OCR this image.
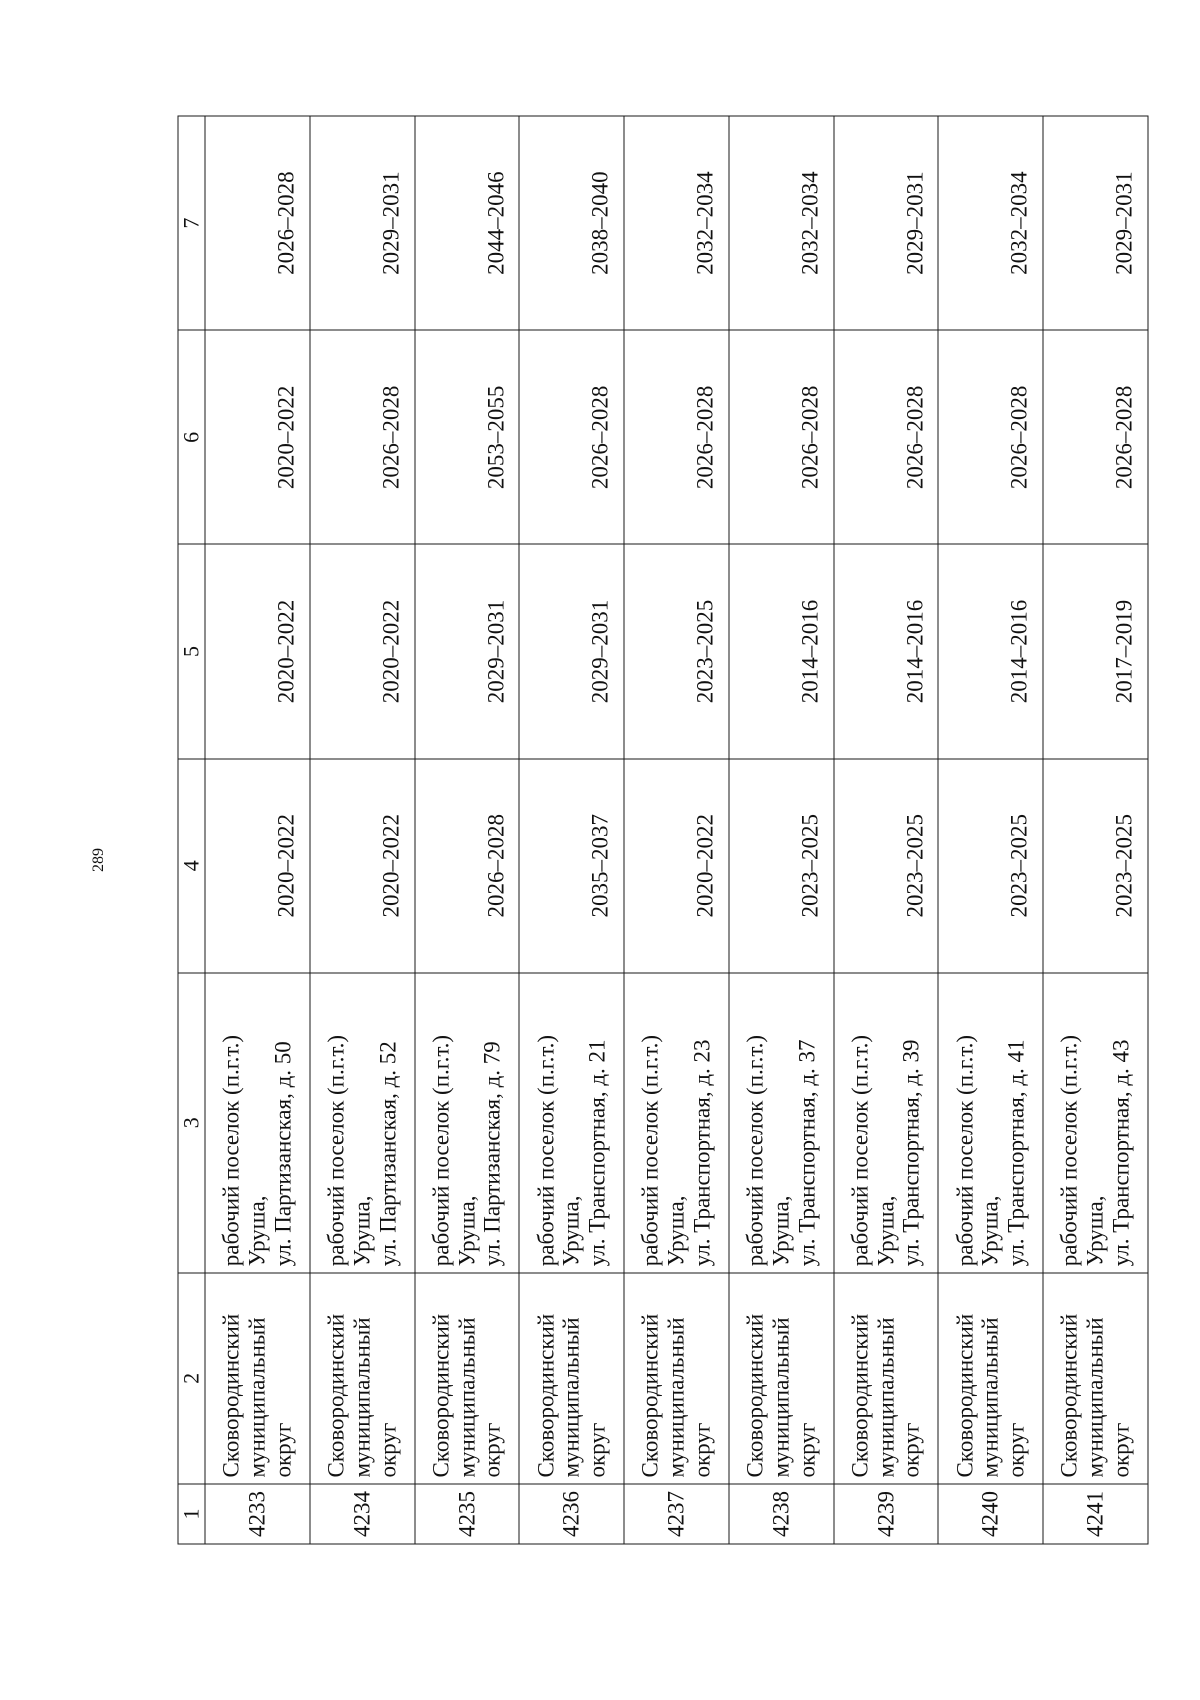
289
1	2	3	4	5	6	7
4233	Сковородинский муниципальный округ	рабочий поселок (п.г.т.) Уруша, ул. Партизанская, д. 50	2020–2022	2020–2022	2020–2022	2026–2028
4234	Сковородинский муниципальный округ	рабочий поселок (п.г.т.) Уруша, ул. Партизанская, д. 52	2020–2022	2020–2022	2026–2028	2029–2031
4235	Сковородинский муниципальный округ	рабочий поселок (п.г.т.) Уруша, ул. Партизанская, д. 79	2026–2028	2029–2031	2053–2055	2044–2046
4236	Сковородинский муниципальный округ	рабочий поселок (п.г.т.) Уруша, ул. Транспортная, д. 21	2035–2037	2029–2031	2026–2028	2038–2040
4237	Сковородинский муниципальный округ	рабочий поселок (п.г.т.) Уруша, ул. Транспортная, д. 23	2020–2022	2023–2025	2026–2028	2032–2034
4238	Сковородинский муниципальный округ	рабочий поселок (п.г.т.) Уруша, ул. Транспортная, д. 37	2023–2025	2014–2016	2026–2028	2032–2034
4239	Сковородинский муниципальный округ	рабочий поселок (п.г.т.) Уруша, ул. Транспортная, д. 39	2023–2025	2014–2016	2026–2028	2029–2031
4240	Сковородинский муниципальный округ	рабочий поселок (п.г.т.) Уруша, ул. Транспортная, д. 41	2023–2025	2014–2016	2026–2028	2032–2034
4241	Сковородинский муниципальный округ	рабочий поселок (п.г.т.) Уруша, ул. Транспортная, д. 43	2023–2025	2017–2019	2026–2028	2029–2031
